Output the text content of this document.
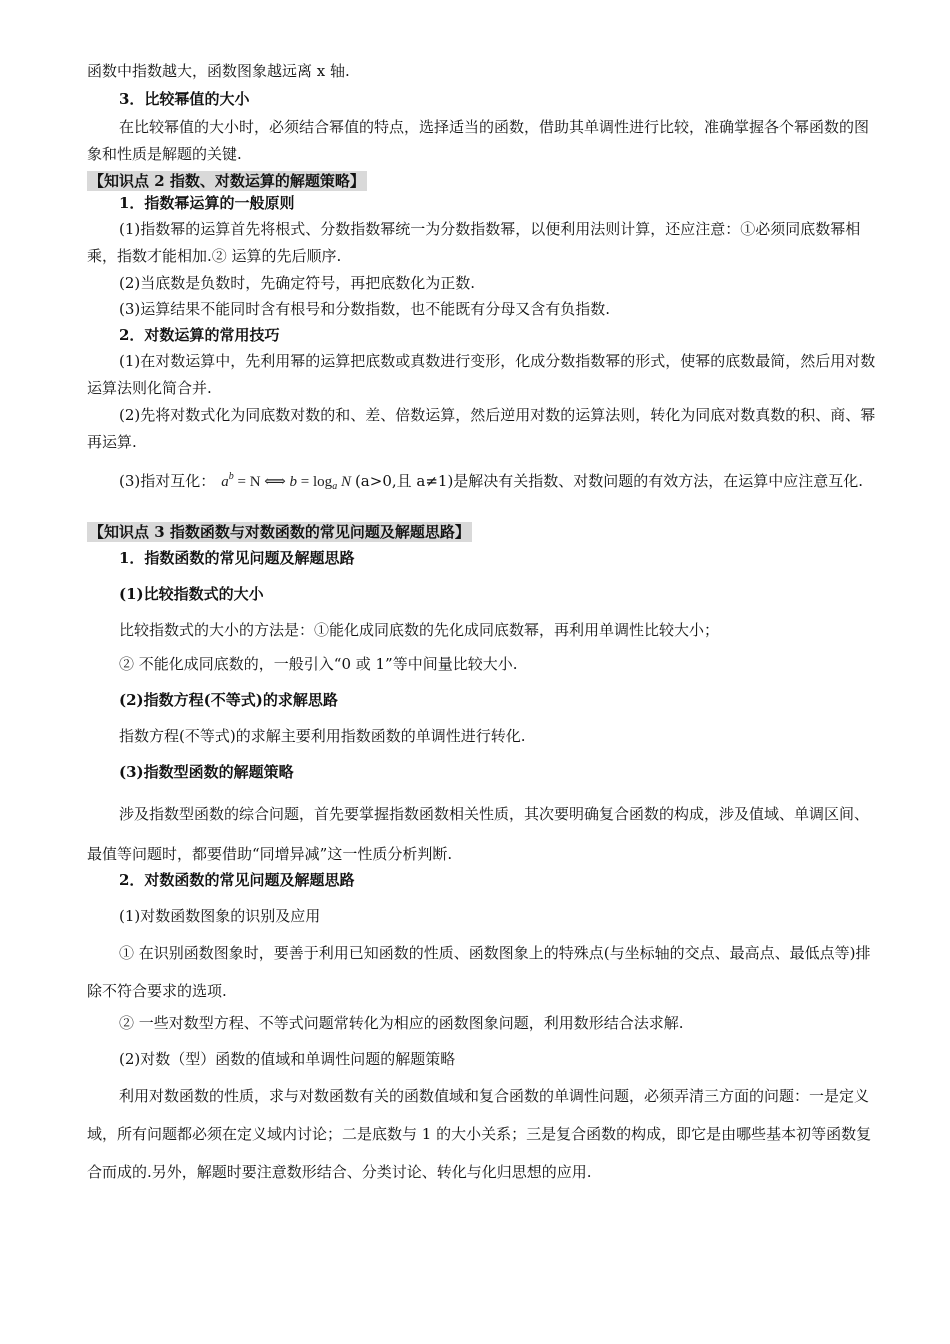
函数中指数越大，函数图象越远离 x 轴.

3．比较幂值的大小

在比较幂值的大小时，必须结合幂值的特点，选择适当的函数，借助其单调性进行比较，准确掌握各个幂函数的图象和性质是解题的关键.

【知识点 2 指数、对数运算的解题策略】

1．指数幂运算的一般原则

(1)指数幂的运算首先将根式、分数指数幂统一为分数指数幂，以便利用法则计算，还应注意：①必须同底数幂相乘，指数才能相加.② 运算的先后顺序.

(2)当底数是负数时，先确定符号，再把底数化为正数.

(3)运算结果不能同时含有根号和分数指数，也不能既有分母又含有负指数.

2．对数运算的常用技巧

(1)在对数运算中，先利用幂的运算把底数或真数进行变形，化成分数指数幂的形式，使幂的底数最简，然后用对数运算法则化简合并.

(2)先将对数式化为同底数对数的和、差、倍数运算，然后逆用对数的运算法则，转化为同底对数真数的积、商、幂再运算.

(3)指对互化： $a^b = N$ ⟺ $b = \log_a N$ (a>0,且 a≠1)是解决有关指数、对数问题的有效方法，在运算中应注意互化.

【知识点 3 指数函数与对数函数的常见问题及解题思路】

1．指数函数的常见问题及解题思路

(1)比较指数式的大小

比较指数式的大小的方法是：①能化成同底数的先化成同底数幂，再利用单调性比较大小；

② 不能化成同底数的，一般引入“0 或 1”等中间量比较大小.

(2)指数方程(不等式)的求解思路

指数方程(不等式)的求解主要利用指数函数的单调性进行转化.

(3)指数型函数的解题策略

涉及指数型函数的综合问题，首先要掌握指数函数相关性质，其次要明确复合函数的构成，涉及值域、单调区间、最值等问题时，都要借助“同增异减”这一性质分析判断.

2．对数函数的常见问题及解题思路

(1)对数函数图象的识别及应用

① 在识别函数图象时，要善于利用已知函数的性质、函数图象上的特殊点(与坐标轴的交点、最高点、最低点等)排除不符合要求的选项.

② 一些对数型方程、不等式问题常转化为相应的函数图象问题，利用数形结合法求解.

(2)对数（型）函数的值域和单调性问题的解题策略

利用对数函数的性质，求与对数函数有关的函数值域和复合函数的单调性问题，必须弄清三方面的问题：一是定义域，所有问题都必须在定义域内讨论；二是底数与 1 的大小关系；三是复合函数的构成，即它是由哪些基本初等函数复合而成的.另外，解题时要注意数形结合、分类讨论、转化与化归思想的应用.
